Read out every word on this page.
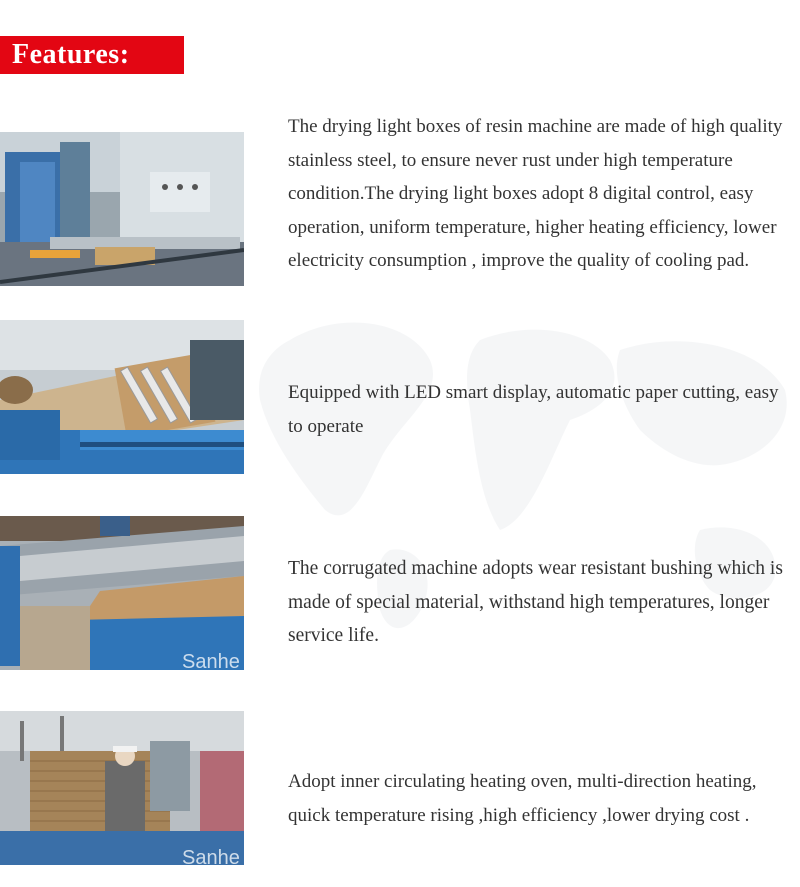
Features:
The drying light boxes of resin machine are made of high quality stainless steel, to ensure never rust under high temperature condition.The drying light boxes adopt 8 digital control, easy operation, uniform temperature, higher heating efficiency, lower electricity consumption , improve the quality of cooling pad.
Equipped with LED smart display, automatic paper cutting, easy to operate
Sanhe
The corrugated machine adopts wear resistant bushing which is made of special material, withstand high temperatures, longer service life.
Sanhe
Adopt inner circulating heating oven, multi-direction heating, quick temperature rising ,high efficiency ,lower drying cost .
